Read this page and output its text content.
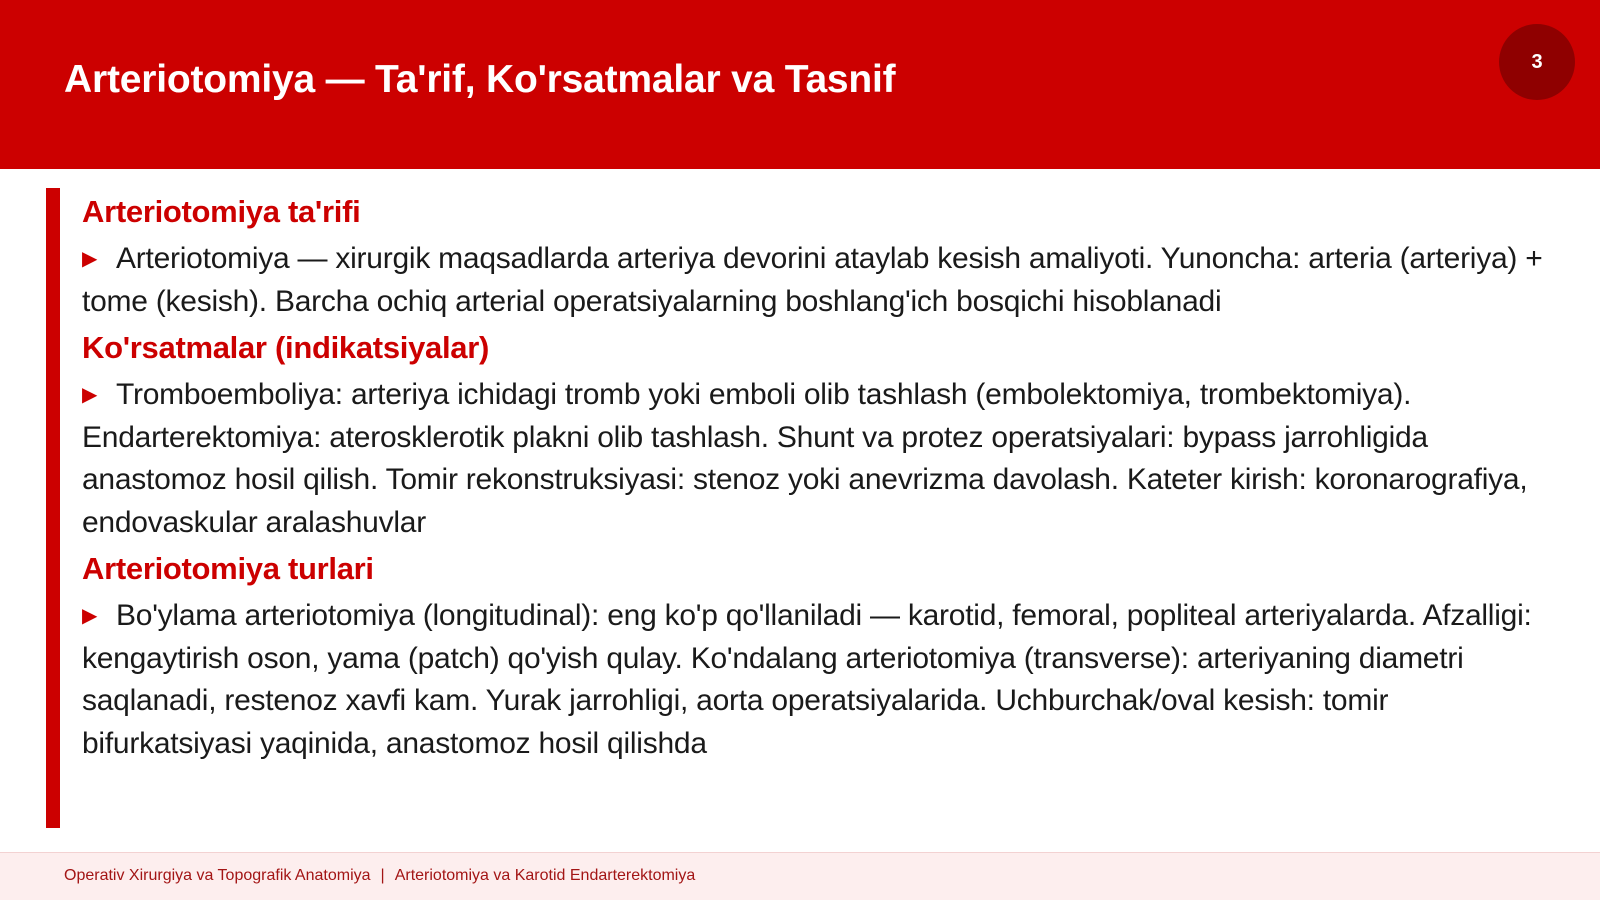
Arteriotomiya — Ta'rif, Ko'rsatmalar va Tasnif	3
Arteriotomiya ta'rifi
▶ Arteriotomiya — xirurgik maqsadlarda arteriya devorini ataylab kesish amaliyoti. Yunoncha: arteria (arteriya) + tome (kesish). Barcha ochiq arterial operatsiyalarning boshlang'ich bosqichi hisoblanadi
Ko'rsatmalar (indikatsiyalar)
▶ Tromboemboliya: arteriya ichidagi tromb yoki emboli olib tashlash (embolektomiya, trombektomiya). Endarterektomiya: aterosklerotik plakni olib tashlash. Shunt va protez operatsiyalari: bypass jarrohligida anastomoz hosil qilish. Tomir rekonstruksiyasi: stenoz yoki anevrizma davolash. Kateter kirish: koronarografiya, endovaskular aralashuvlar
Arteriotomiya turlari
▶ Bo'ylama arteriotomiya (longitudinal): eng ko'p qo'llaniladi — karotid, femoral, popliteal arteriyalarda. Afzalligi: kengaytirish oson, yama (patch) qo'yish qulay. Ko'ndalang arteriotomiya (transverse): arteriyaning diametri saqlanadi, restenoz xavfi kam. Yurak jarrohligi, aorta operatsiyalarida. Uchburchak/oval kesish: tomir bifurkatsiyasi yaqinida, anastomoz hosil qilishda
Operativ Xirurgiya va Topografik Anatomiya | Arteriotomiya va Karotid Endarterektomiya
